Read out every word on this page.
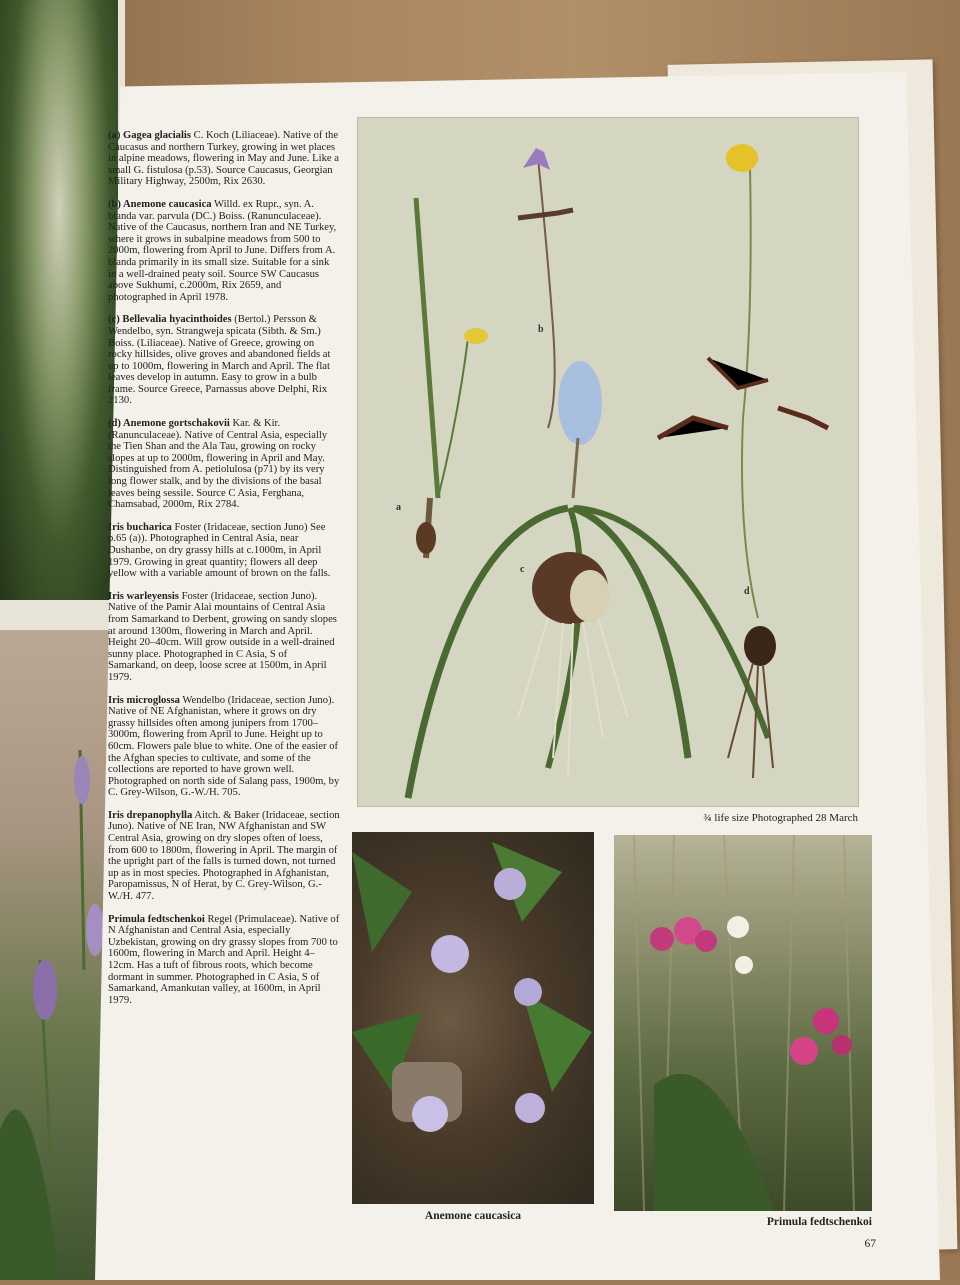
(a) Gagea glacialis C. Koch (Liliaceae). Native of the Caucasus and northern Turkey, growing in wet places in alpine meadows, flowering in May and June. Like a small G. fistulosa (p.53). Source Caucasus, Georgian Military Highway, 2500m, Rix 2630.

(b) Anemone caucasica Willd. ex Rupr., syn. A. blanda var. parvula (DC.) Boiss. (Ranunculaceae). Native of the Caucasus, northern Iran and NE Turkey, where it grows in subalpine meadows from 500 to 2000m, flowering from April to June. Differs from A. blanda primarily in its small size. Suitable for a sink in a well-drained peaty soil. Source SW Caucasus above Sukhumi, c.2000m, Rix 2659, and photographed in April 1978.

(c) Bellevalia hyacinthoides (Bertol.) Persson & Wendelbo, syn. Strangweja spicata (Sibth. & Sm.) Boiss. (Liliaceae). Native of Greece, growing on rocky hillsides, olive groves and abandoned fields at up to 1000m, flowering in March and April. The flat leaves develop in autumn. Easy to grow in a bulb frame. Source Greece, Parnassus above Delphi, Rix 2130.

(d) Anemone gortschakovii Kar. & Kir. (Ranunculaceae). Native of Central Asia, especially the Tien Shan and the Ala Tau, growing on rocky slopes at up to 2000m, flowering in April and May. Distinguished from A. petiolulosa (p71) by its very long flower stalk, and by the divisions of the basal leaves being sessile. Source C Asia, Ferghana, Chamsabad, 2000m, Rix 2784.

Iris bucharica Foster (Iridaceae, section Juno) See p.65 (a)). Photographed in Central Asia, near Dushanbe, on dry grassy hills at c.1000m, in April 1979. Growing in great quantity; flowers all deep yellow with a variable amount of brown on the falls.

Iris warleyensis Foster (Iridaceae, section Juno). Native of the Pamir Alai mountains of Central Asia from Samarkand to Derbent, growing on sandy slopes at around 1300m, flowering in March and April. Height 20–40cm. Will grow outside in a well-drained sunny place. Photographed in C Asia, S of Samarkand, on deep, loose scree at 1500m, in April 1979.

Iris microglossa Wendelbo (Iridaceae, section Juno). Native of NE Afghanistan, where it grows on dry grassy hillsides often among junipers from 1700–3000m, flowering from April to June. Height up to 60cm. Flowers pale blue to white. One of the easier of the Afghan species to cultivate, and some of the collections are reported to have grown well. Photographed on north side of Salang pass, 1900m, by C. Grey-Wilson, G.-W./H. 705.

Iris drepanophylla Aitch. & Baker (Iridaceae, section Juno). Native of NE Iran, NW Afghanistan and SW Central Asia, growing on dry slopes often of loess, from 600 to 1800m, flowering in April. The margin of the upright part of the falls is turned down, not turned up as in most species. Photographed in Afghanistan, Paropamissus, N of Herat, by C. Grey-Wilson, G.-W./H. 477.

Primula fedtschenkoi Regel (Primulaceae). Native of N Afghanistan and Central Asia, especially Uzbekistan, growing on dry grassy slopes from 700 to 1600m, flowering in March and April. Height 4–12cm. Has a tuft of fibrous roots, which become dormant in summer. Photographed in C Asia, S of Samarkand, Amankutan valley, at 1600m, in April 1979.

a
b
c
d
¾ life size Photographed 28 March
Anemone caucasica	Primula fedtschenkoi
67
